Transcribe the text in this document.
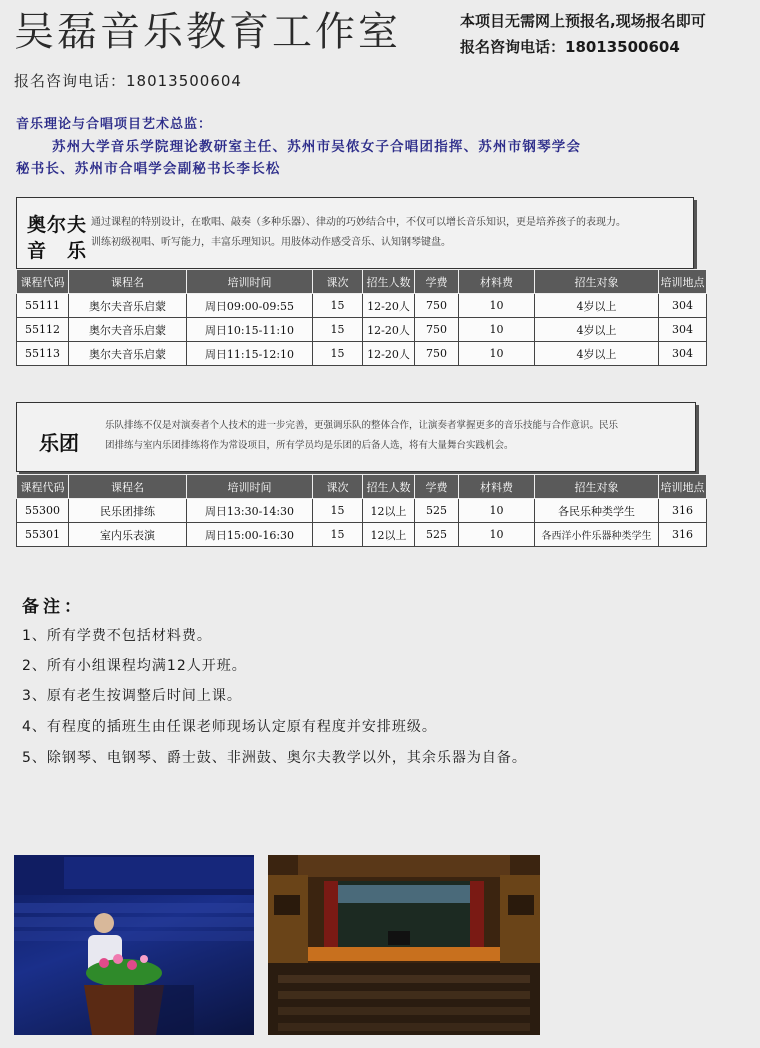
吴磊音乐教育工作室	本项目无需网上预报名,现场报名即可
报名咨询电话：18013500604
报名咨询电话：18013500604
音乐理论与合唱项目艺术总监：
苏州大学音乐学院理论教研室主任、苏州市吴侬女子合唱团指挥、苏州市钢琴学会
秘书长、苏州市合唱学会副秘书长李长松
奥尔夫
音　乐
通过课程的特别设计，在歌唱、敲奏（多种乐器）、律动的巧妙结合中，不仅可以增长音乐知识，更是培养孩子的表现力。
训练初级视唱、听写能力，丰富乐理知识。用肢体动作感受音乐、认知钢琴键盘。
课程代码	课程名	培训时间	课次	招生人数	学费	材料费	招生对象	培训地点
55111	奥尔夫音乐启蒙	周日09:00-09:55	15	12-20人	750	10	4岁以上	304
55112	奥尔夫音乐启蒙	周日10:15-11:10	15	12-20人	750	10	4岁以上	304
55113	奥尔夫音乐启蒙	周日11:15-12:10	15	12-20人	750	10	4岁以上	304
乐团
乐队排练不仅是对演奏者个人技术的进一步完善，更强调乐队的整体合作，让演奏者掌握更多的音乐技能与合作意识。民乐
团排练与室内乐团排练将作为常设项目，所有学员均是乐团的后备人选，将有大量舞台实践机会。
课程代码	课程名	培训时间	课次	招生人数	学费	材料费	招生对象	培训地点
55300	民乐团排练	周日13:30-14:30	15	12以上	525	10	各民乐种类学生	316
55301	室内乐表演	周日15:00-16:30	15	12以上	525	10	各西洋小件乐器种类学生	316
备注：
1、所有学费不包括材料费。
2、所有小组课程均满12人开班。
3、原有老生按调整后时间上课。
4、有程度的插班生由任课老师现场认定原有程度并安排班级。
5、除钢琴、电钢琴、爵士鼓、非洲鼓、奥尔夫教学以外，其余乐器为自备。
